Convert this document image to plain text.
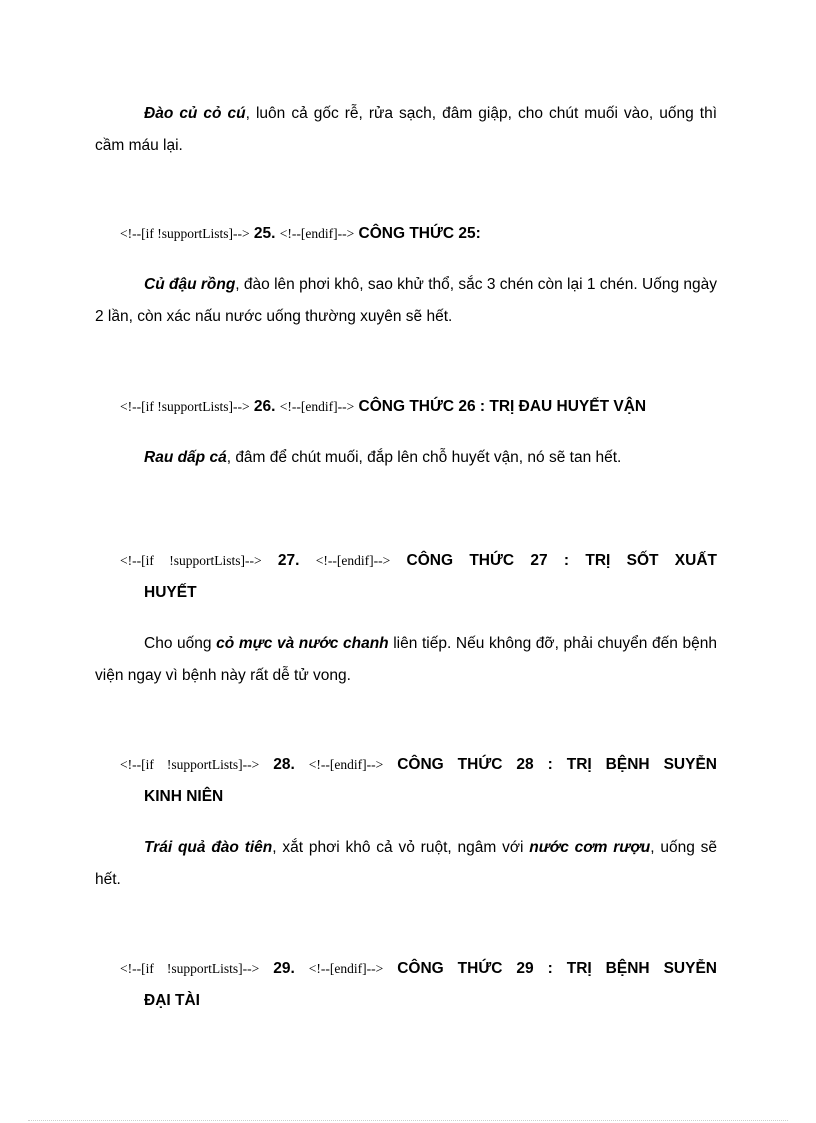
Đào củ cỏ cú, luôn cả gốc rễ, rửa sạch, đâm giập, cho chút muối vào, uống thì cầm máu lại.
<!--[if !supportLists]--> 25. <!--[endif]--> CÔNG THỨC 25:
Củ đậu rồng, đào lên phơi khô, sao khử thổ, sắc 3 chén còn lại 1 chén. Uống ngày 2 lần, còn xác nấu nước uống thường xuyên sẽ hết.
<!--[if !supportLists]--> 26. <!--[endif]--> CÔNG THỨC 26 : TRỊ ĐAU HUYẾT VẬN
Rau dấp cá, đâm để chút muối, đắp lên chỗ huyết vận, nó sẽ tan hết.
<!--[if !supportLists]--> 27. <!--[endif]--> CÔNG THỨC 27 : TRỊ SỐT XUẤT
HUYẾT
Cho uống cỏ mực và nước chanh liên tiếp. Nếu không đỡ, phải chuyển đến bệnh viện ngay vì bệnh này rất dễ tử vong.
<!--[if !supportLists]--> 28. <!--[endif]--> CÔNG THỨC 28 : TRỊ BỆNH SUYỄN
KINH NIÊN
Trái quả đào tiên, xắt phơi khô cả vỏ ruột, ngâm với nước cơm rượu, uống sẽ hết.
<!--[if !supportLists]--> 29. <!--[endif]--> CÔNG THỨC 29 : TRỊ BỆNH SUYỄN
ĐẠI TÀI
